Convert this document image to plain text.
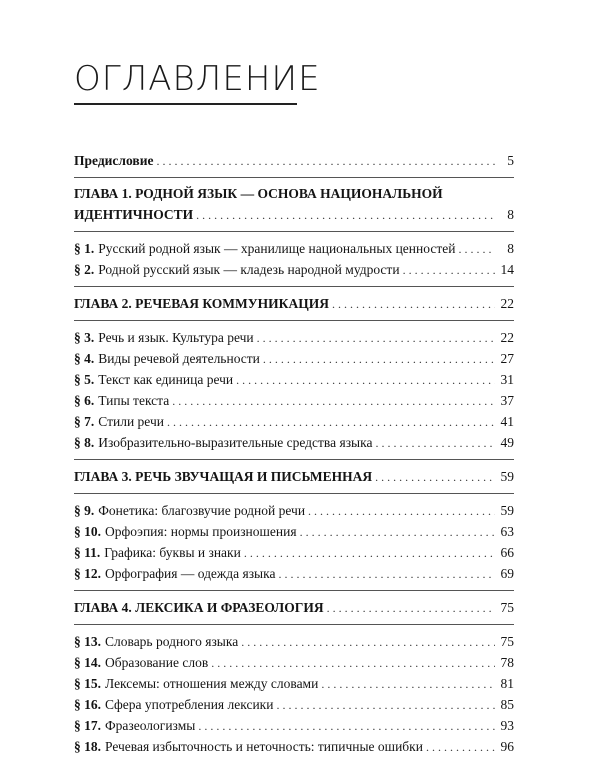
ОГЛАВЛЕНИЕ
Предисловие . . .	5
ГЛАВА 1. РОДНОЙ ЯЗЫК — ОСНОВА НАЦИОНАЛЬНОЙ
ИДЕНТИЧНОСТИ . . .	8
§ 1. Русский родной язык — хранилище национальных ценностей . . .	8
§ 2. Родной русский язык — кладезь народной мудрости . . .	14
ГЛАВА 2. РЕЧЕВАЯ КОММУНИКАЦИЯ . . .	22
§ 3. Речь и язык. Культура речи . . .	22
§ 4. Виды речевой деятельности . . .	27
§ 5. Текст как единица речи . . .	31
§ 6. Типы текста . . .	37
§ 7. Стили речи . . .	41
§ 8. Изобразительно-выразительные средства языка . . .	49
ГЛАВА 3. РЕЧЬ ЗВУЧАЩАЯ И ПИСЬМЕННАЯ . . .	59
§ 9. Фонетика: благозвучие родной речи . . .	59
§ 10. Орфоэпия: нормы произношения . . .	63
§ 11. Графика: буквы и знаки . . .	66
§ 12. Орфография — одежда языка . . .	69
ГЛАВА 4. ЛЕКСИКА И ФРАЗЕОЛОГИЯ . . .	75
§ 13. Словарь родного языка . . .	75
§ 14. Образование слов . . .	78
§ 15. Лексемы: отношения между словами . . .	81
§ 16. Сфера употребления лексики . . .	85
§ 17. Фразеологизмы . . .	93
§ 18. Речевая избыточность и неточность: типичные ошибки . . .	96
